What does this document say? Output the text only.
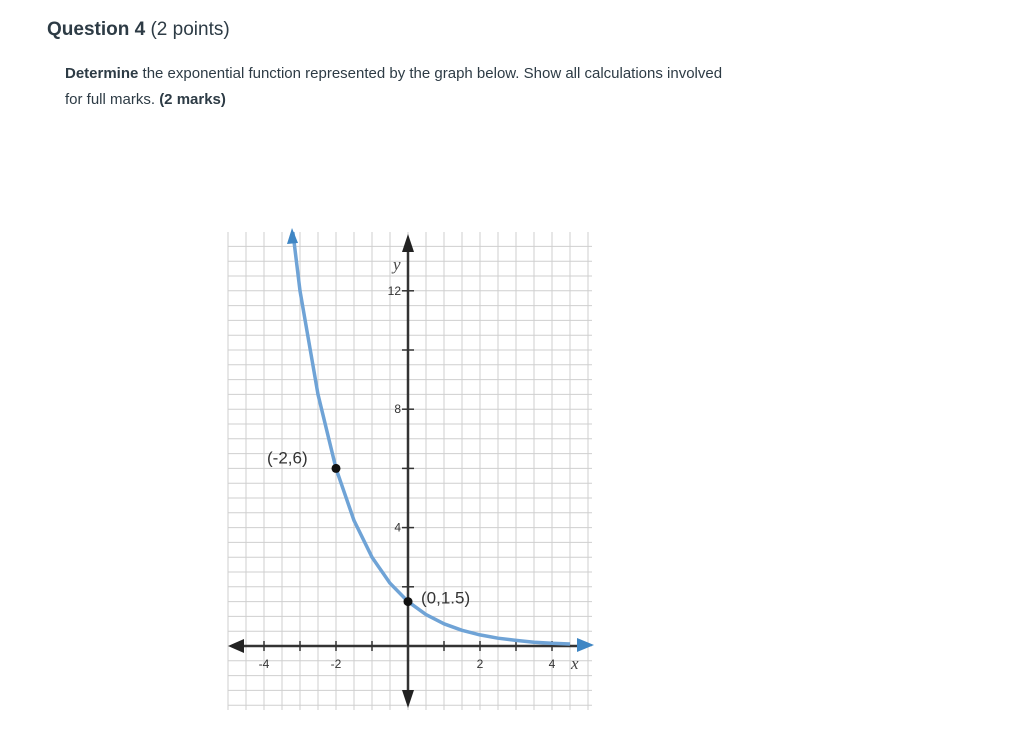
Question 4 (2 points)
Determine the exponential function represented by the graph below. Show all calculations involved
for full marks. (2 marks)
-4	-2	2	4
4
8
12
x
y
(-2,6)
(0,1.5)
